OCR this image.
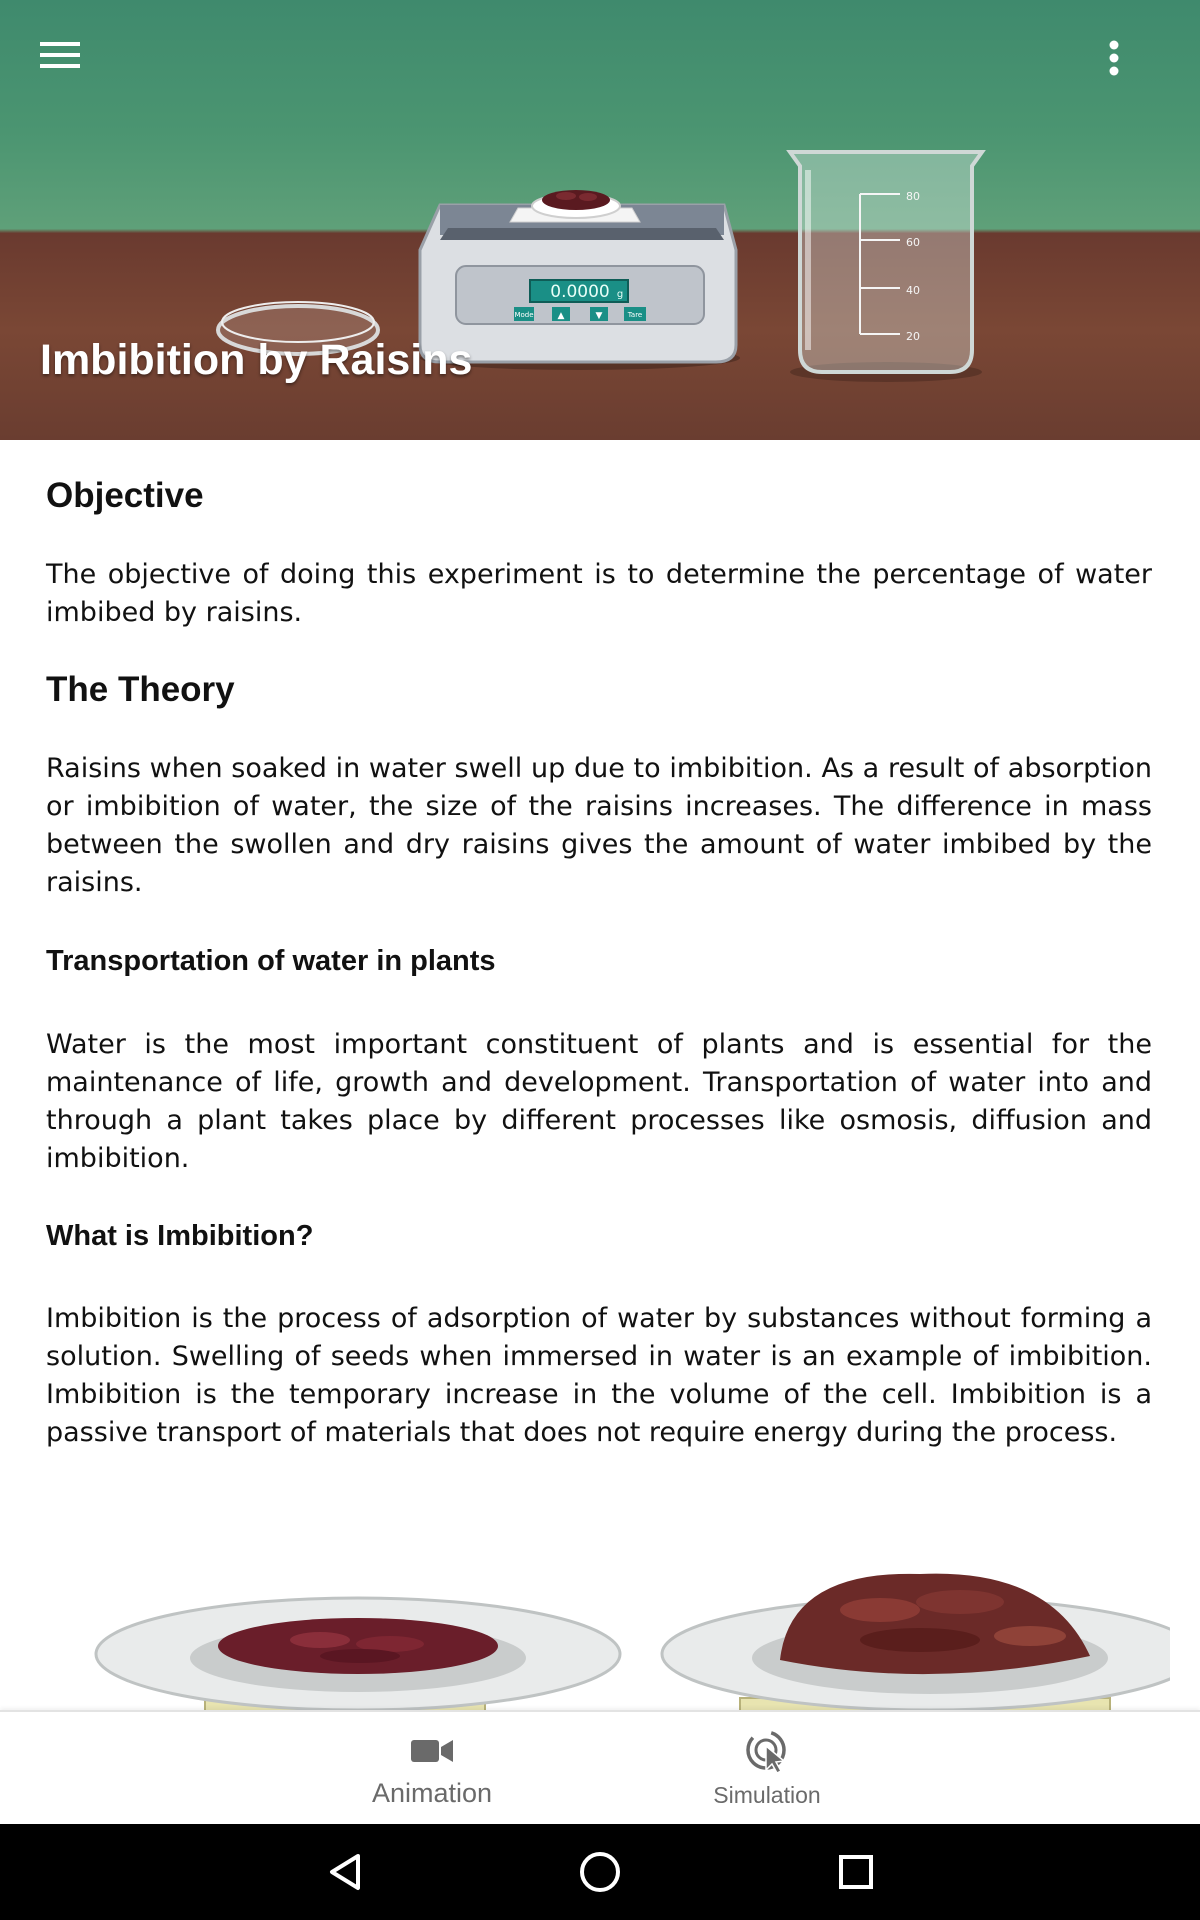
0.0000 g
Mode	▲	▼	Tare
80
60
40
20
Imbibition by Raisins
Objective

The objective of doing this experiment is to determine the percentage of water imbibed by raisins.

The Theory

Raisins when soaked in water swell up due to imbibition. As a result of absorption or imbibition of water, the size of the raisins increases. The difference in mass between the swollen and dry raisins gives the amount of water imbibed by the raisins.

Transportation of water in plants

Water is the most important constituent of plants and is essential for the maintenance of life, growth and development. Transportation of water into and through a plant takes place by different processes like osmosis, diffusion and imbibition.

What is Imbibition?

Imbibition is the process of adsorption of water by substances without forming a solution. Swelling of seeds when immersed in water is an example of imbibition. Imbibition is the temporary increase in the volume of the cell. Imbibition is a passive transport of materials that does not require energy during the process.

Animation	Simulation
